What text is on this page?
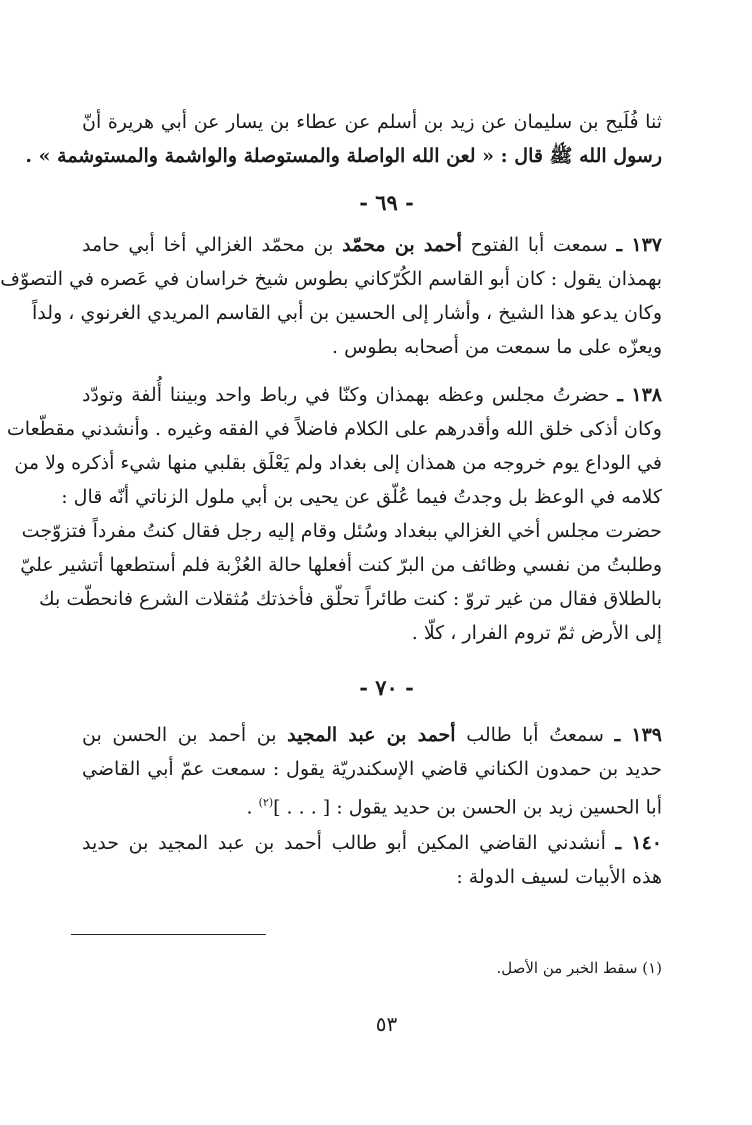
ثنا فُلَيح بن سليمان عن زيد بن أسلم عن عطاء بن يسار عن أبي هريرة أنّ
رسول الله ﷺ قال : « لعن الله الواصلة والمستوصلة والواشمة والمستوشمة » .
- ٦٩ -
١٣٧ ـ سمعت أبا الفتوح أحمد بن محمّد بن محمّد الغزالي أخا أبي حامد
بهمذان يقول : كان أبو القاسم الكُرّكاني بطوس شيخ خراسان في عَصره في التصوّف
وكان يدعو هذا الشيخ ، وأشار إلى الحسين بن أبي القاسم المريدي الغرنوي ، ولداً
ويعزّه على ما سمعت من أصحابه بطوس .
١٣٨ ـ حضرتُ مجلس وعظه بهمذان وكنّا في رباط واحد وبيننا أُلفة وتودّد
وكان أذكى خلق الله وأقدرهم على الكلام فاضلاً في الفقه وغيره . وأنشدني مقطّعات
في الوداع يوم خروجه من همذان إلى بغداد ولم يَعْلَق بقلبي منها شيء أذكره ولا من
كلامه في الوعظ بل وجدتُ فيما عُلّق عن يحيى بن أبي ملول الزناتي أنّه قال :
حضرت مجلس أخي الغزالي ببغداد وسُئل وقام إليه رجل فقال كنتُ مفرداً فتزوّجت
وطلبتُ من نفسي وظائف من البرّ كنت أفعلها حالة العُزْبة فلم أستطعها أتشير عليّ
بالطلاق فقال من غير تروّ : كنت طائراً تحلّق فأخذتك مُثقلات الشرع فانحطّت بك
إلى الأرض ثمّ تروم الفرار ، كلّا .
- ٧٠ -
١٣٩ ـ سمعتُ أبا طالب أحمد بن عبد المجيد بن أحمد بن الحسن بن
حديد بن حمدون الكناني قاضي الإسكندريّة يقول : سمعت عمّ أبي القاضي
أبا الحسين زيد بن الحسن بن حديد يقول : [ . . . ]$^{(٢)}$ .
١٤٠ ـ أنشدني القاضي المكين أبو طالب أحمد بن عبد المجيد بن حديد
هذه الأبيات لسيف الدولة :
(١) سقط الخبر من الأصل.
٥٣
